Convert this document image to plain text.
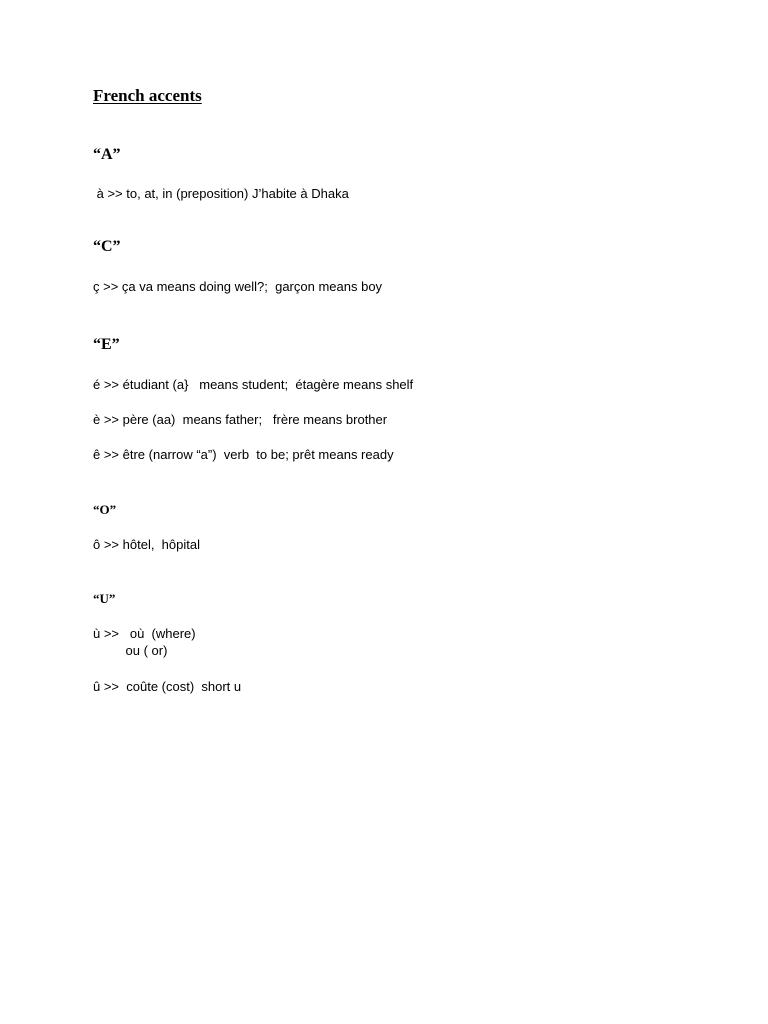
French accents
“A”
à >> to, at, in (preposition) J’habite à Dhaka
“C”
ç >> ça va means doing well?;  garçon means boy
“E”
é >> étudiant (a}   means student;  étagère means shelf
è >> père (aa)  means father;   frère means brother
ê >> être (narrow “a”)  verb  to be; prêt means ready
“O”
ô >> hôtel,  hôpital
“U”
ù >>   où  (where)
ou ( or)
û >>  coûte (cost)  short u
